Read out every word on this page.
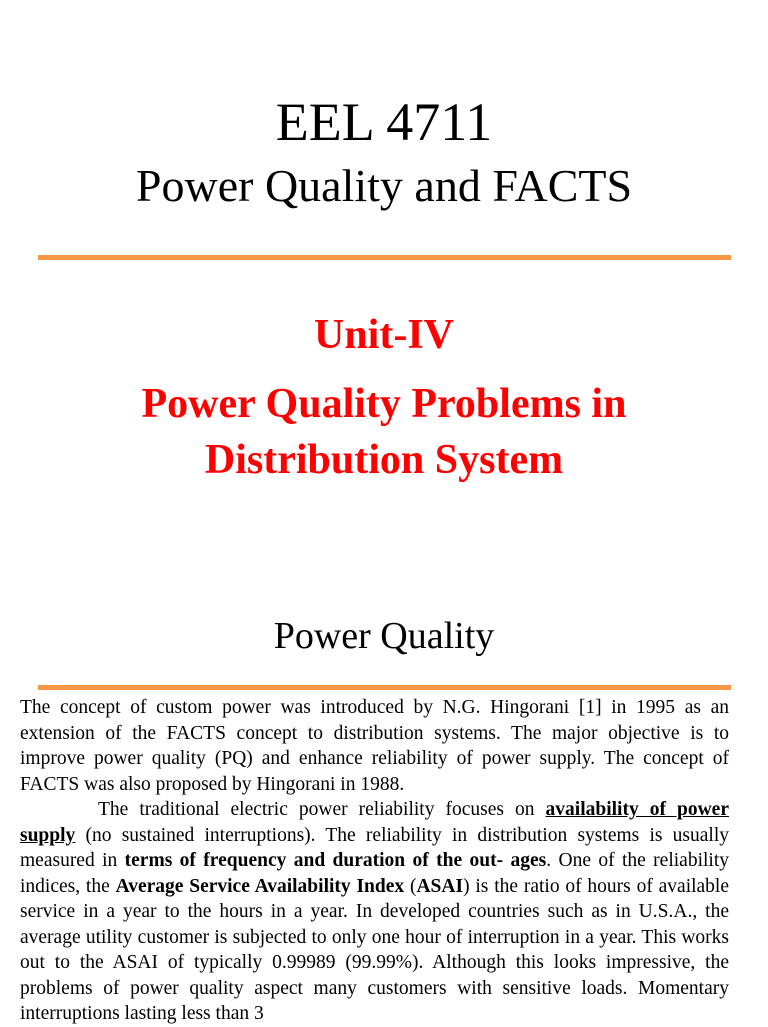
EEL 4711
Power Quality and FACTS
Unit-IV
Power Quality Problems in
Distribution System
Power Quality

The concept of custom power was introduced by N.G. Hingorani [1] in 1995 as an extension of the FACTS concept to distribution systems. The major objective is to improve power quality (PQ) and enhance reliability of power supply. The concept of FACTS was also proposed by Hingorani in 1988.

The traditional electric power reliability focuses on availability of power supply (no sustained interruptions). The reliability in distribution systems is usually measured in terms of frequency and duration of the out- ages. One of the reliability indices, the Average Service Availability Index (ASAI) is the ratio of hours of available service in a year to the hours in a year. In developed countries such as in U.S.A., the average utility customer is subjected to only one hour of interruption in a year. This works out to the ASAI of typically 0.99989 (99.99%). Although this looks impressive, the problems of power quality aspect many customers with sensitive loads. Momentary interruptions lasting less than 3
